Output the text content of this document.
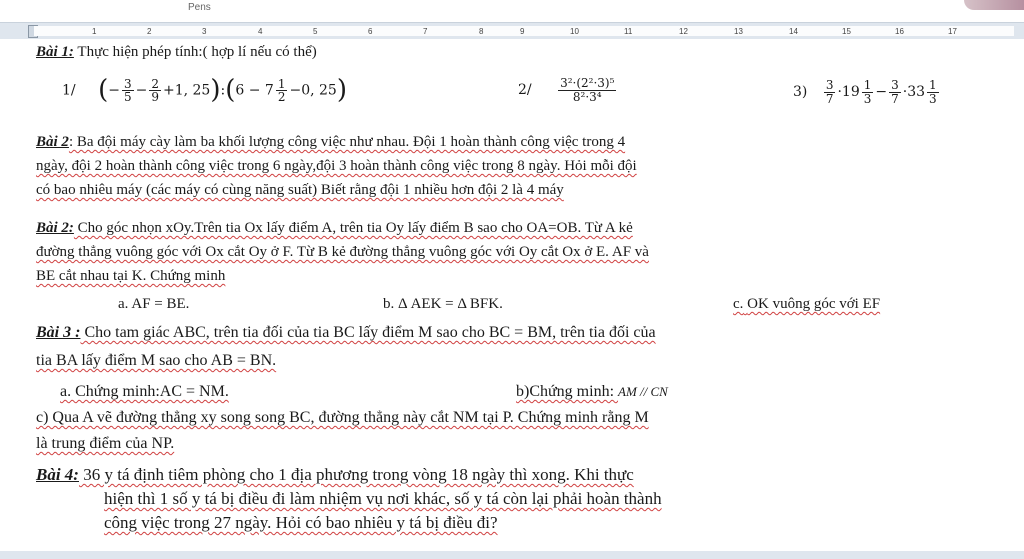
Pens
1	2	3	4	5	6	7	8	9	10	11	12	13	14	15	16	17
Bài 1: Thực hiện phép tính:( hợp lí nếu có thể)
1/ (− $\frac{3}{5} - \frac{2}{9} +1$, 25):(6 − $7 \frac{1}{2} -0$, 25)	$2/ \frac{\text{3²·(2²·3)⁵}}{\text{8²·3⁴}}$	$3) \frac{3}{7} \cdot 19 \frac{1}{3} - \frac{3}{7} \cdot 33 \frac{1}{3}$
Bài 2: Ba đội máy cày làm ba khối lượng công việc như nhau. Đội 1 hoàn thành công việc trong 4
ngày, đội 2 hoàn thành công việc trong 6 ngày,đội 3 hoàn thành công việc trong 8 ngày. Hỏi mỗi đội
có bao nhiêu máy (các máy có cùng năng suất) Biết rằng đội 1 nhiều hơn đội 2 là 4 máy
Bài 2: Cho góc nhọn xOy.Trên tia Ox lấy điểm A, trên tia Oy lấy điểm B sao cho OA=OB. Từ A kẻ
đường thẳng vuông góc với Ox cắt Oy ở F. Từ B kẻ đường thẳng vuông góc với Oy cắt Ox ở E. AF và
BE cắt nhau tại K. Chứng minh
a. AF = BE.	b. Δ AEK = Δ BFK.	c. OK vuông góc với EF
Bài 3 : Cho tam giác ABC, trên tia đối của tia BC lấy điểm M sao cho BC = BM, trên tia đối của
tia BA lấy điểm M sao cho AB = BN.
a. Chứng minh:AC = NM.	b)Chứng minh: AM // CN
c) Qua A vẽ đường thẳng xy song song BC, đường thẳng này cắt NM tại P. Chứng minh rằng M
là trung điểm của NP.
Bài 4: 36 y tá định tiêm phòng cho 1 địa phương trong vòng 18 ngày thì xong. Khi thực
hiện thì 1 số y tá bị điều đi làm nhiệm vụ nơi khác, số y tá còn lại phải hoàn thành
công việc trong 27 ngày. Hỏi có bao nhiêu y tá bị điều đi?
